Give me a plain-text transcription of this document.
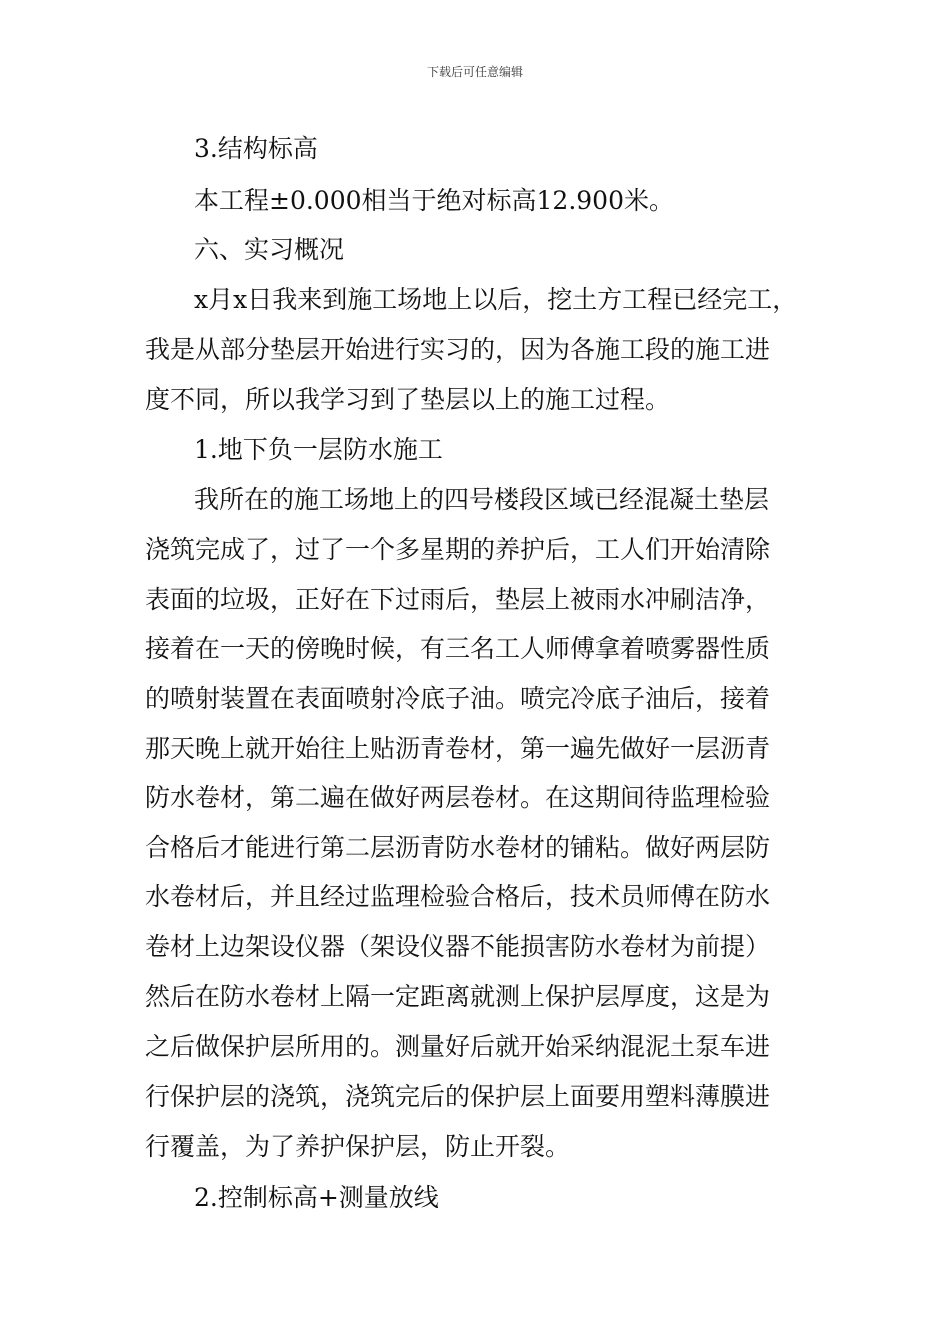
下载后可任意编辑
3.结构标高
本工程±0.000相当于绝对标高12.900米。
六、实习概况
x月x日我来到施工场地上以后，挖土方工程已经完工，
我是从部分垫层开始进行实习的，因为各施工段的施工进
度不同，所以我学习到了垫层以上的施工过程。
1.地下负一层防水施工
我所在的施工场地上的四号楼段区域已经混凝土垫层
浇筑完成了，过了一个多星期的养护后，工人们开始清除
表面的垃圾，正好在下过雨后，垫层上被雨水冲刷洁净，
接着在一天的傍晚时候，有三名工人师傅拿着喷雾器性质
的喷射装置在表面喷射冷底子油。喷完冷底子油后，接着
那天晚上就开始往上贴沥青卷材，第一遍先做好一层沥青
防水卷材，第二遍在做好两层卷材。在这期间待监理检验
合格后才能进行第二层沥青防水卷材的铺粘。做好两层防
水卷材后，并且经过监理检验合格后，技术员师傅在防水
卷材上边架设仪器（架设仪器不能损害防水卷材为前提）
然后在防水卷材上隔一定距离就测上保护层厚度，这是为
之后做保护层所用的。测量好后就开始采纳混泥土泵车进
行保护层的浇筑，浇筑完后的保护层上面要用塑料薄膜进
行覆盖，为了养护保护层，防止开裂。
2.控制标高+测量放线
